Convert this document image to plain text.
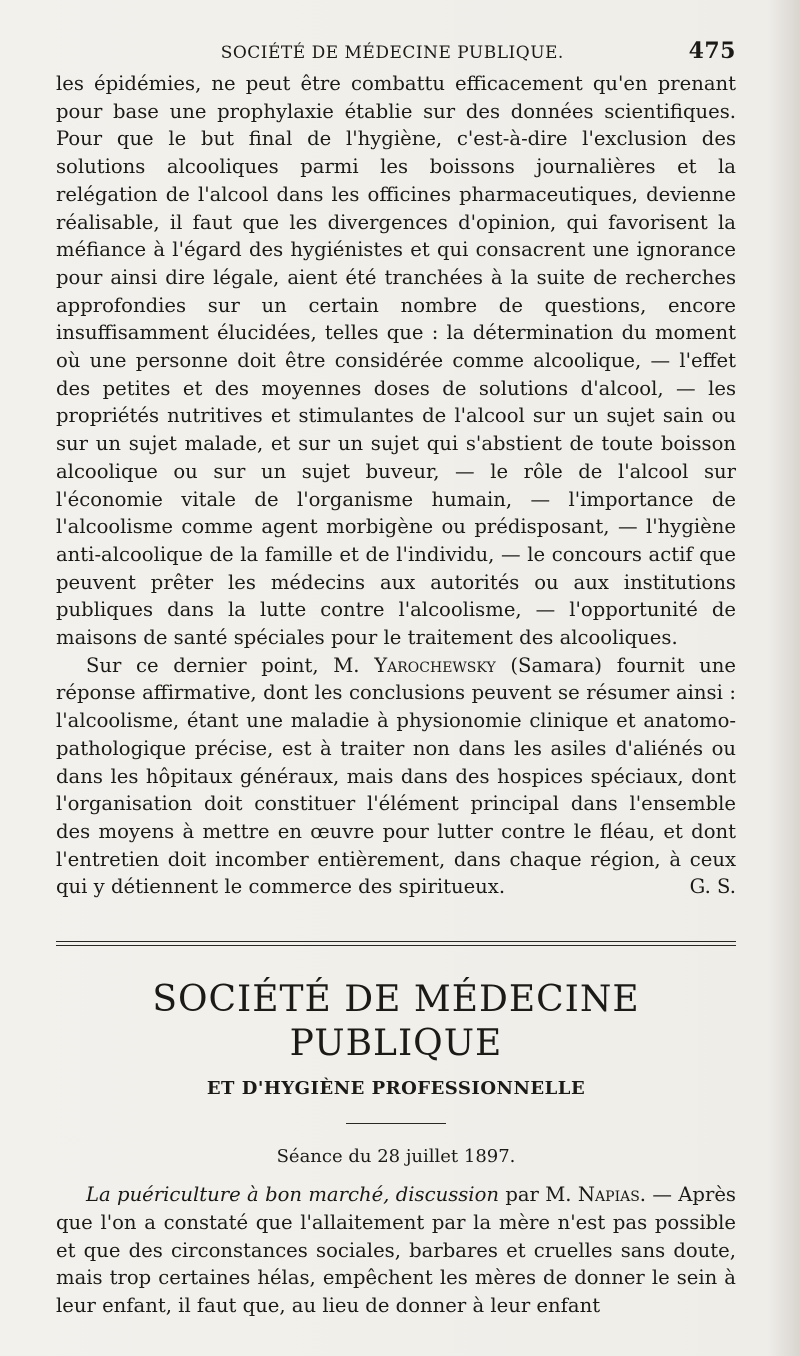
SOCIÉTÉ DE MÉDECINE PUBLIQUE.	475

les épidémies, ne peut être combattu efficacement qu'en prenant pour base une prophylaxie établie sur des données scientifiques. Pour que le but final de l'hygiène, c'est-à-dire l'exclusion des solutions alcooliques parmi les boissons journalières et la relégation de l'alcool dans les officines pharmaceutiques, devienne réalisable, il faut que les divergences d'opinion, qui favorisent la méfiance à l'égard des hygiénistes et qui consacrent une ignorance pour ainsi dire légale, aient été tranchées à la suite de recherches approfondies sur un certain nombre de questions, encore insuffisamment élucidées, telles que : la détermination du moment où une personne doit être considérée comme alcoolique, — l'effet des petites et des moyennes doses de solutions d'alcool, — les propriétés nutritives et stimulantes de l'alcool sur un sujet sain ou sur un sujet malade, et sur un sujet qui s'abstient de toute boisson alcoolique ou sur un sujet buveur, — le rôle de l'alcool sur l'économie vitale de l'organisme humain, — l'importance de l'alcoolisme comme agent morbigène ou prédisposant, — l'hygiène anti-alcoolique de la famille et de l'individu, — le concours actif que peuvent prêter les médecins aux autorités ou aux institutions publiques dans la lutte contre l'alcoolisme, — l'opportunité de maisons de santé spéciales pour le traitement des alcooliques.

Sur ce dernier point, M. Yarochewsky (Samara) fournit une réponse affirmative, dont les conclusions peuvent se résumer ainsi : l'alcoolisme, étant une maladie à physionomie clinique et anatomo-pathologique précise, est à traiter non dans les asiles d'aliénés ou dans les hôpitaux généraux, mais dans des hospices spéciaux, dont l'organisation doit constituer l'élément principal dans l'ensemble des moyens à mettre en œuvre pour lutter contre le fléau, et dont l'entretien doit incomber entièrement, dans chaque région, à ceux qui y détiennent le commerce des spiritueux.	G. S.

SOCIÉTÉ DE MÉDECINE PUBLIQUE
ET D'HYGIÈNE PROFESSIONNELLE
Séance du 28 juillet 1897.

La puériculture à bon marché, discussion par M. Napias. — Après que l'on a constaté que l'allaitement par la mère n'est pas possible et que des circonstances sociales, barbares et cruelles sans doute, mais trop certaines hélas, empêchent les mères de donner le sein à leur enfant, il faut que, au lieu de donner à leur enfant
